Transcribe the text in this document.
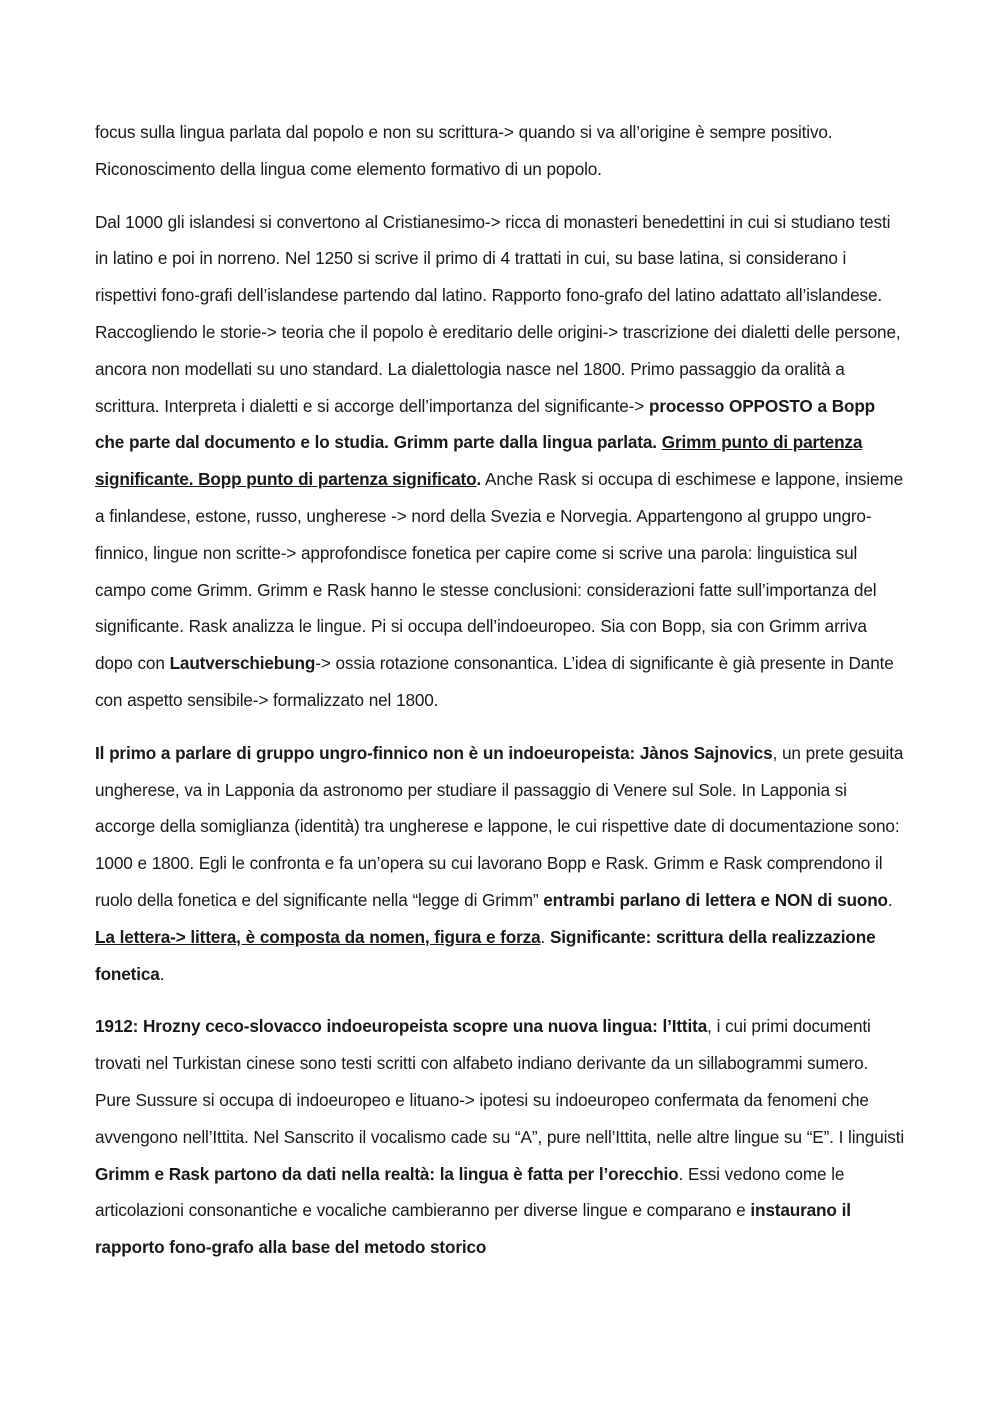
focus sulla lingua parlata dal popolo e non su scrittura-> quando si va all’origine è sempre positivo.
Riconoscimento della lingua come elemento formativo di un popolo.

Dal 1000 gli islandesi si convertono al Cristianesimo-> ricca di monasteri benedettini in cui si studiano testi in latino e poi in norreno. Nel 1250 si scrive il primo di 4 trattati in cui, su base latina, si considerano i rispettivi fono-grafi dell’islandese partendo dal latino. Rapporto fono-grafo del latino adattato all’islandese. Raccogliendo le storie-> teoria che il popolo è ereditario delle origini-> trascrizione dei dialetti delle persone, ancora non modellati su uno standard. La dialettologia nasce nel 1800. Primo passaggio da oralità a scrittura. Interpreta i dialetti e si accorge dell’importanza del significante-> processo OPPOSTO a Bopp che parte dal documento e lo studia. Grimm parte dalla lingua parlata. Grimm punto di partenza significante. Bopp punto di partenza significato. Anche Rask si occupa di eschimese e lappone, insieme a finlandese, estone, russo, ungherese -> nord della Svezia e Norvegia. Appartengono al gruppo ungro-finnico, lingue non scritte-> approfondisce fonetica per capire come si scrive una parola: linguistica sul campo come Grimm. Grimm e Rask hanno le stesse conclusioni: considerazioni fatte sull’importanza del significante. Rask analizza le lingue. Pi si occupa dell’indoeuropeo. Sia con Bopp, sia con Grimm arriva dopo con Lautverschiebung-> ossia rotazione consonantica. L’idea di significante è già presente in Dante con aspetto sensibile-> formalizzato nel 1800.

Il primo a parlare di gruppo ungro-finnico non è un indoeuropeista: Jànos Sajnovics, un prete gesuita ungherese, va in Lapponia da astronomo per studiare il passaggio di Venere sul Sole. In Lapponia si accorge della somiglianza (identità) tra ungherese e lappone, le cui rispettive date di documentazione sono: 1000 e 1800. Egli le confronta e fa un’opera su cui lavorano Bopp e Rask. Grimm e Rask comprendono il ruolo della fonetica e del significante nella “legge di Grimm” entrambi parlano di lettera e NON di suono. La lettera-> littera, è composta da nomen, figura e forza. Significante: scrittura della realizzazione fonetica.

1912: Hrozny ceco-slovacco indoeuropeista scopre una nuova lingua: l’Ittita, i cui primi documenti trovati nel Turkistan cinese sono testi scritti con alfabeto indiano derivante da un sillabogrammi sumero. Pure Sussure si occupa di indoeuropeo e lituano-> ipotesi su indoeuropeo confermata da fenomeni che avvengono nell’Ittita. Nel Sanscrito il vocalismo cade su “A”, pure nell’Ittita, nelle altre lingue su “E”. I linguisti Grimm e Rask partono da dati nella realtà: la lingua è fatta per l’orecchio. Essi vedono come le articolazioni consonantiche e vocaliche cambieranno per diverse lingue e comparano e instaurano il rapporto fono-grafo alla base del metodo storico
